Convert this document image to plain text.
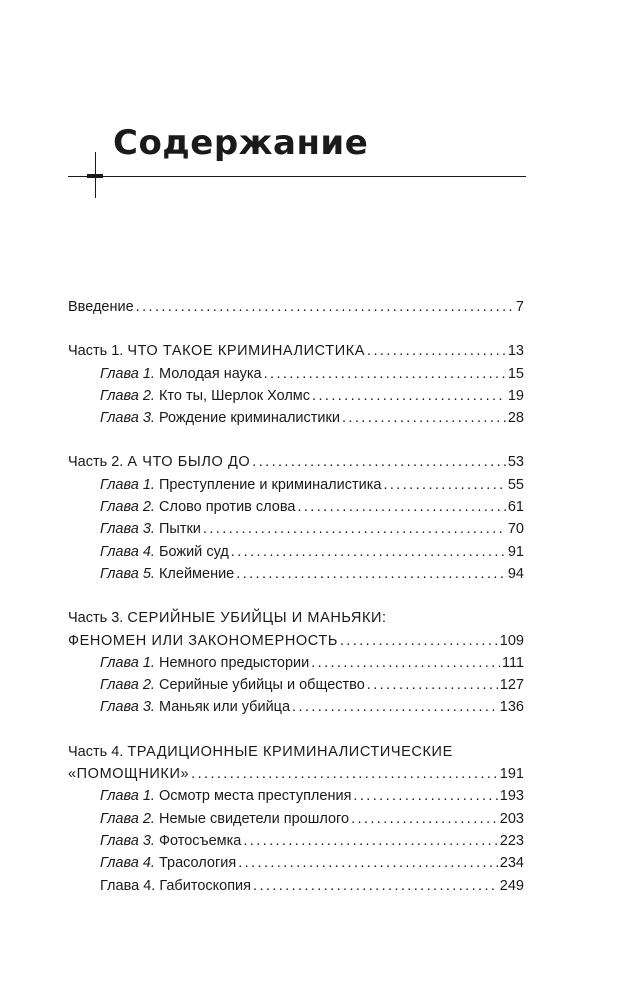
Содержание
Введение .....	7
Часть 1. ЧТО ТАКОЕ КРИМИНАЛИСТИКА .....	13
Глава 1. Молодая наука .....	15
Глава 2. Кто ты, Шерлок Холмс .....	19
Глава 3. Рождение криминалистики .....	28
Часть 2. А ЧТО БЫЛО ДО .....	53
Глава 1. Преступление и криминалистика .....	55
Глава 2. Слово против слова .....	61
Глава 3. Пытки .....	70
Глава 4. Божий суд .....	91
Глава 5. Клеймение .....	94
Часть 3. СЕРИЙНЫЕ УБИЙЦЫ И МАНЬЯКИ:
ФЕНОМЕН ИЛИ ЗАКОНОМЕРНОСТЬ .....	109
Глава 1. Немного предыстории .....	111
Глава 2. Серийные убийцы и общество .....	127
Глава 3. Маньяк или убийца .....	136
Часть 4. ТРАДИЦИОННЫЕ КРИМИНАЛИСТИЧЕСКИЕ
«ПОМОЩНИКИ» .....	191
Глава 1. Осмотр места преступления .....	193
Глава 2. Немые свидетели прошлого .....	203
Глава 3. Фотосъемка .....	223
Глава 4. Трасология .....	234
Глава 4. Габитоскопия .....	249
